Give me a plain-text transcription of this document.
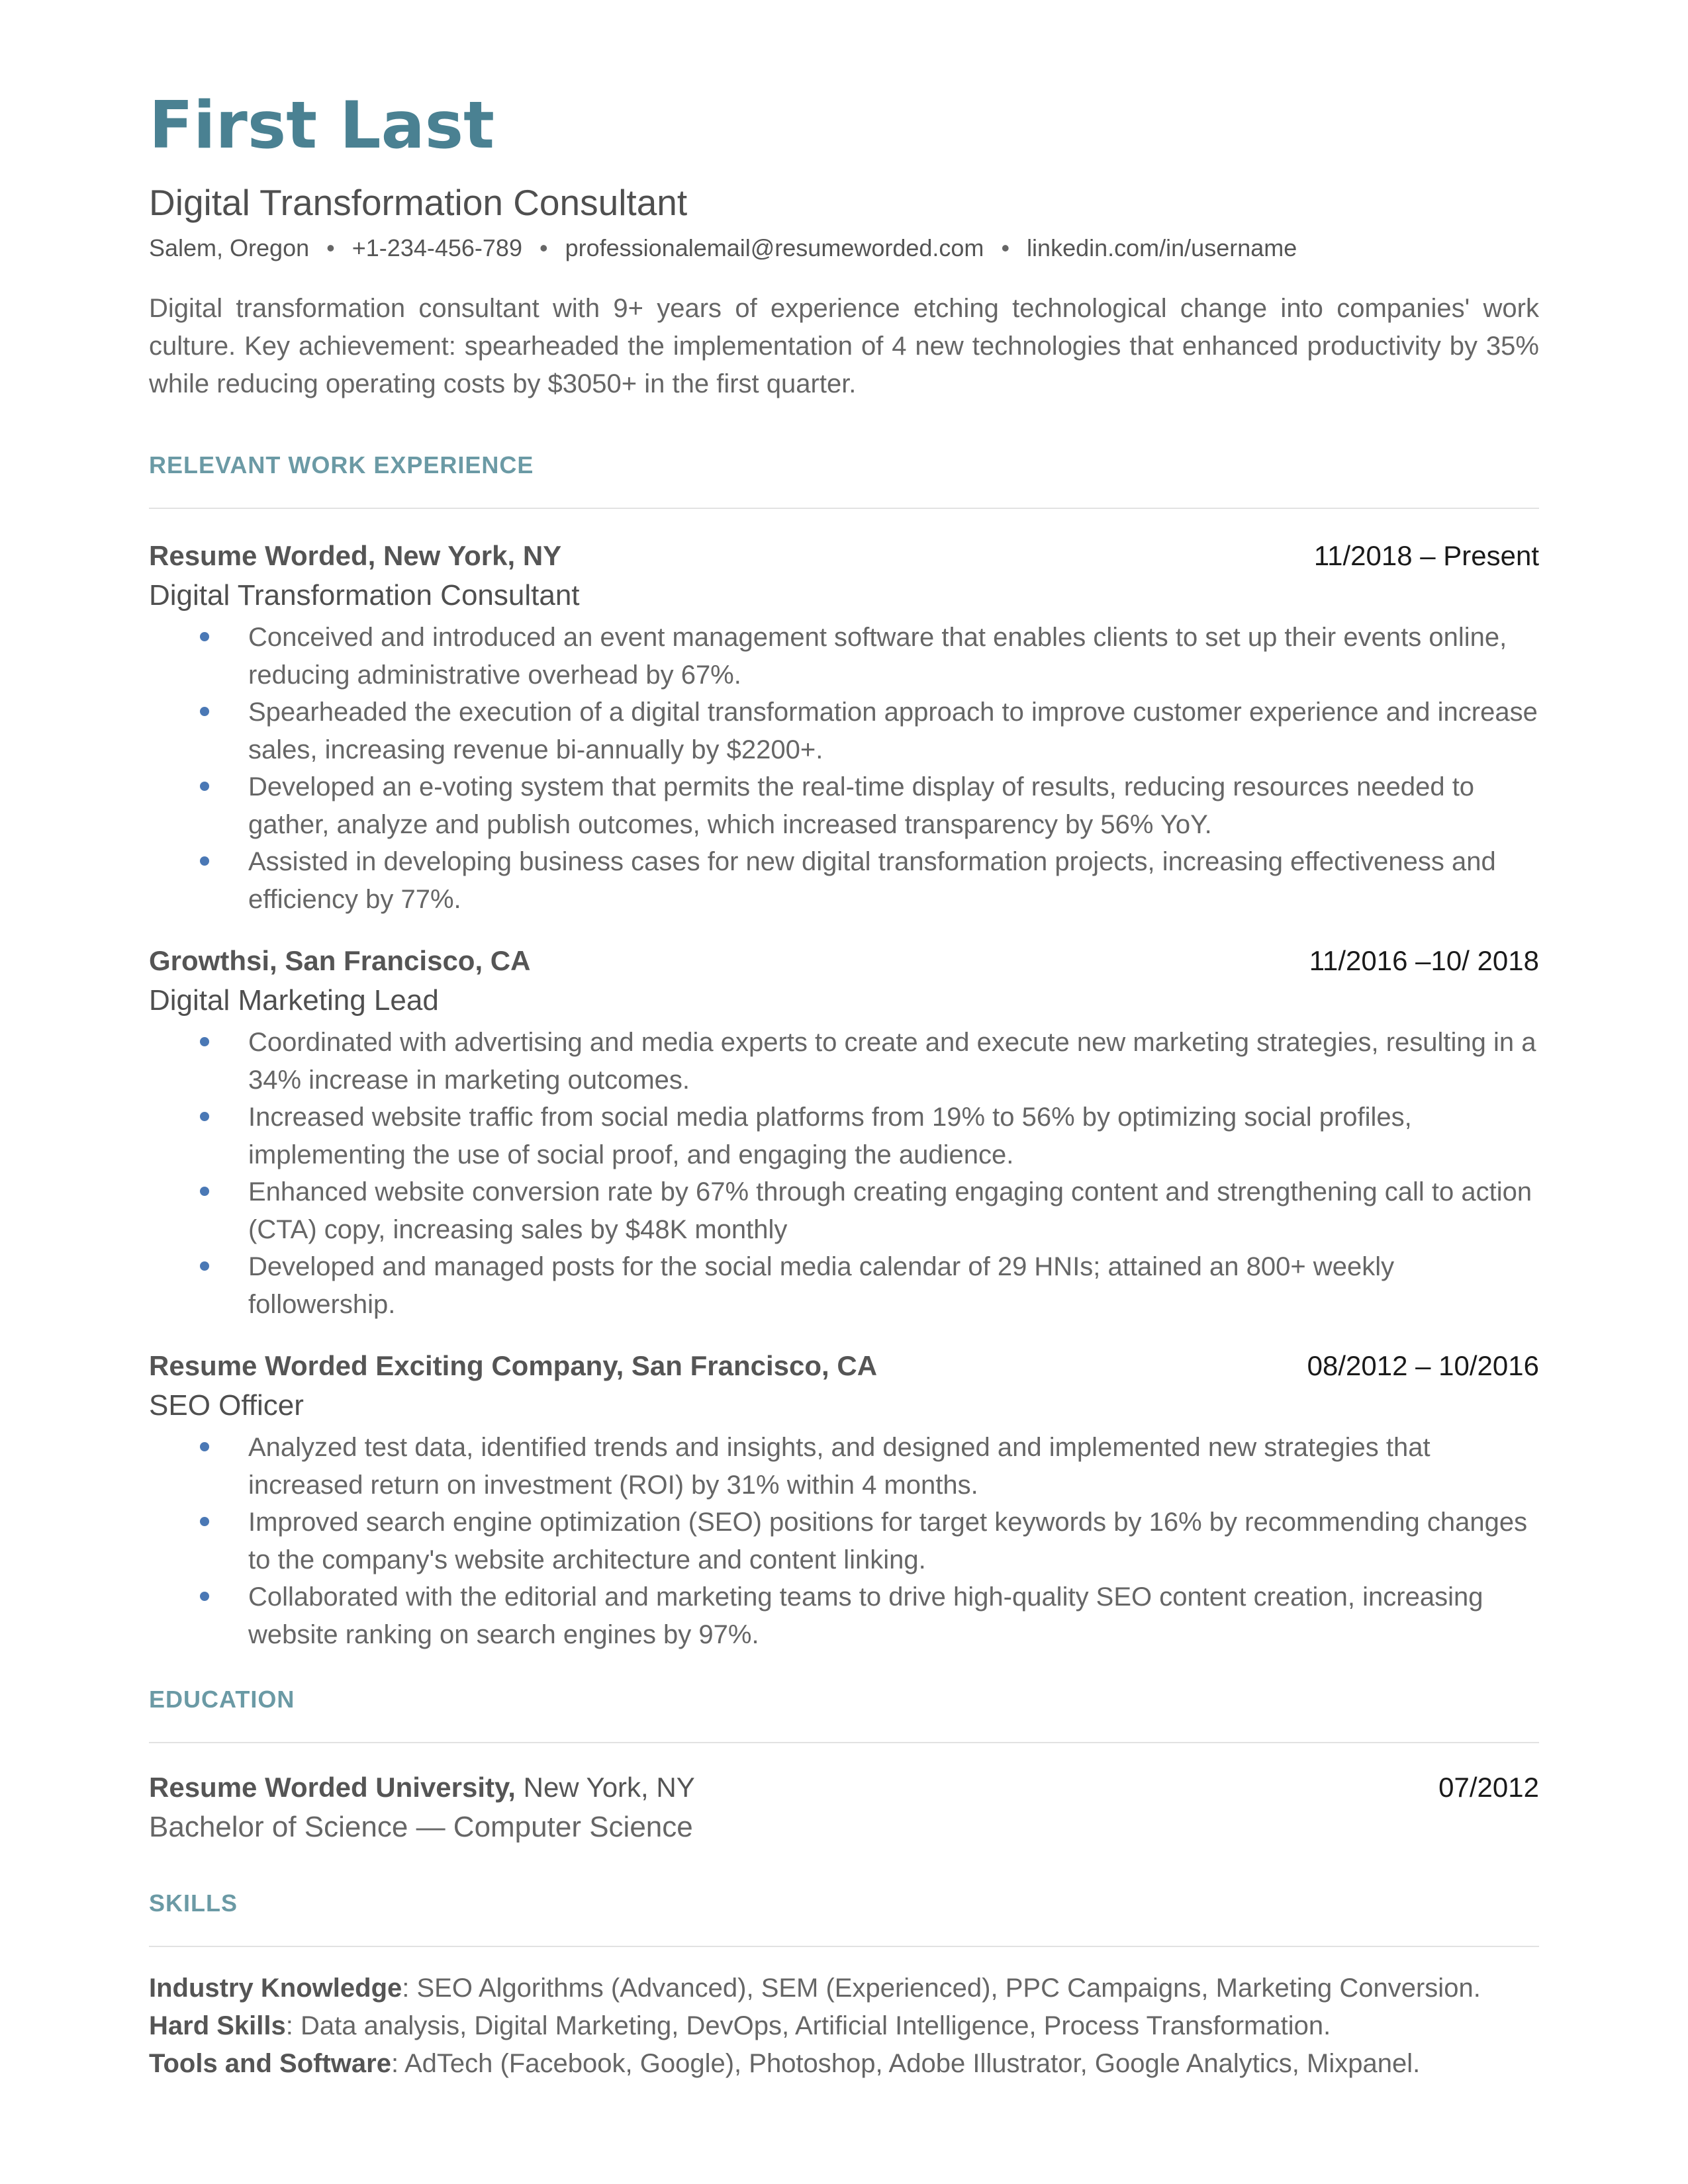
First Last
Digital Transformation Consultant
Salem, Oregon • +1-234-456-789 • professionalemail@resumeworded.com • linkedin.com/in/username
Digital transformation consultant with 9+ years of experience etching technological change into companies' work culture. Key achievement: spearheaded the implementation of 4 new technologies that enhanced productivity by 35% while reducing operating costs by $3050+ in the first quarter.
RELEVANT WORK EXPERIENCE
Resume Worded, New York, NY	11/2018 – Present
Digital Transformation Consultant
Conceived and introduced an event management software that enables clients to set up their events online, reducing administrative overhead by 67%.
Spearheaded the execution of a digital transformation approach to improve customer experience and increase sales, increasing revenue bi-annually by $2200+.
Developed an e-voting system that permits the real-time display of results, reducing resources needed to gather, analyze and publish outcomes, which increased transparency by 56% YoY.
Assisted in developing business cases for new digital transformation projects, increasing effectiveness and efficiency by 77%.
Growthsi, San Francisco, CA	11/2016 –10/ 2018
Digital Marketing Lead
Coordinated with advertising and media experts to create and execute new marketing strategies, resulting in a 34% increase in marketing outcomes.
Increased website traffic from social media platforms from 19% to 56% by optimizing social profiles, implementing the use of social proof, and engaging the audience.
Enhanced website conversion rate by 67% through creating engaging content and strengthening call to action (CTA) copy, increasing sales by $48K monthly
Developed and managed posts for the social media calendar of 29 HNIs; attained an 800+ weekly followership.
Resume Worded Exciting Company, San Francisco, CA	08/2012 – 10/2016
SEO Officer
Analyzed test data, identified trends and insights, and designed and implemented new strategies that increased return on investment (ROI) by 31% within 4 months.
Improved search engine optimization (SEO) positions for target keywords by 16% by recommending changes to the company's website architecture and content linking.
Collaborated with the editorial and marketing teams to drive high-quality SEO content creation, increasing website ranking on search engines by 97%.
EDUCATION
Resume Worded University, New York, NY	07/2012
Bachelor of Science — Computer Science
SKILLS
Industry Knowledge: SEO Algorithms (Advanced), SEM (Experienced), PPC Campaigns, Marketing Conversion.
Hard Skills: Data analysis, Digital Marketing, DevOps, Artificial Intelligence, Process Transformation.
Tools and Software: AdTech (Facebook, Google), Photoshop, Adobe Illustrator, Google Analytics, Mixpanel.
